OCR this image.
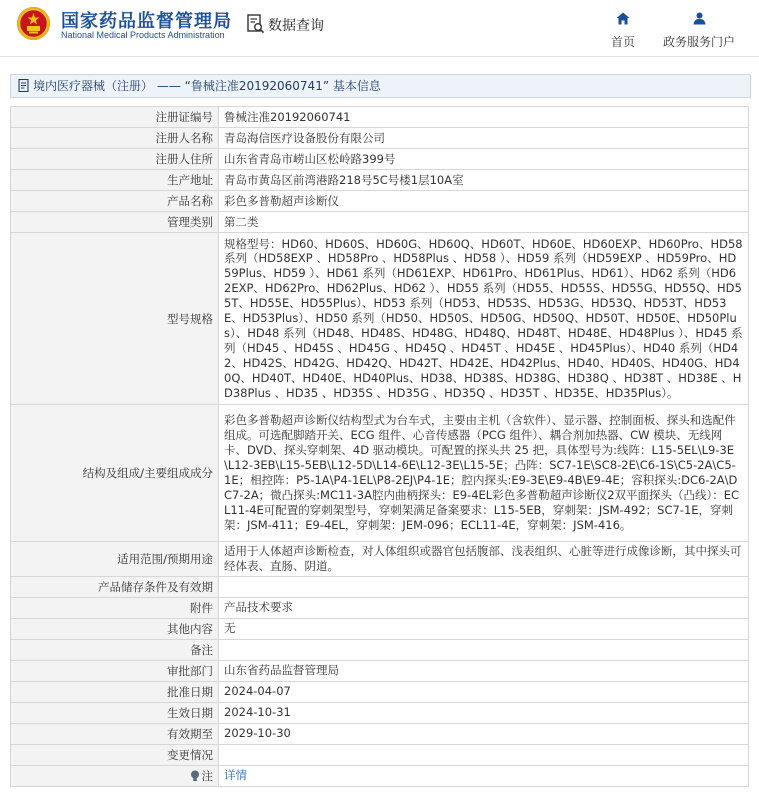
国家药品监督管理局
National Medical Products Administration
数据查询
首页	政务服务门户
境内医疗器械（注册） —— “鲁械注准20192060741” 基本信息
注册证编号	鲁械注准20192060741
注册人名称	青岛海信医疗设备股份有限公司
注册人住所	山东省青岛市崂山区松岭路399号
生产地址	青岛市黄岛区前湾港路218号5C号楼1层10A室
产品名称	彩色多普勒超声诊断仪
管理类别	第二类
型号规格	规格型号：HD60、HD60S、HD60G、HD60Q、HD60T、HD60E、HD60EXP、HD60Pro、HD58 系列（HD58EXP 、HD58Pro 、HD58Plus 、HD58 ）、HD59 系列（HD59EXP 、HD59Pro、HD59Plus、HD59 ）、HD61 系列（HD61EXP、HD61Pro、HD61Plus、HD61）、HD62 系列（HD62EXP、HD62Pro、HD62Plus、HD62 ）、HD55 系列（HD55、HD55S、HD55G、HD55Q、HD55T、HD55E、HD55Plus）、HD53 系列（HD53、HD53S、HD53G、HD53Q、HD53T、HD53E、HD53Plus）、HD50 系列（HD50、HD50S、HD50G、HD50Q、HD50T、HD50E、HD50Plus）、HD48 系列（HD48、HD48S、HD48G、HD48Q、HD48T、HD48E、HD48Plus ）、HD45 系列（HD45 、HD45S 、HD45G 、HD45Q 、HD45T 、HD45E 、HD45Plus）、HD40 系列（HD42、HD42S、HD42G、HD42Q、HD42T、HD42E、HD42Plus、HD40、HD40S、HD40G、HD40Q、HD40T、HD40E、HD40Plus、HD38、HD38S、HD38G、HD38Q 、HD38T 、HD38E 、HD38Plus 、HD35 、HD35S 、HD35G 、HD35Q 、HD35T 、HD35E、HD35Plus）。
结构及组成/主要组成成分	彩色多普勒超声诊断仪结构型式为台车式，主要由主机（含软件）、显示器、控制面板、探头和选配件组成。可选配脚踏开关、ECG 组件、心音传感器（PCG 组件）、耦合剂加热器、CW 模块、无线网卡、DVD、探头穿刺架、4D 驱动模块。可配置的探头共 25 把，具体型号为:线阵：L15-5EL\L9-3E\L12-3EB\L15-5EB\L12-5D\L14-6E\L12-3E\L15-5E；凸阵：SC7-1E\SC8-2E\C6-1S\C5-2A\C5-1E；相控阵：P5-1A\P4-1EL\P8-2EJ\P4-1E；腔内探头:E9-3E\E9-4B\E9-4E；容积探头:DC6-2A\DC7-2A；微凸探头:MC11-3A腔内曲柄探头：E9-4EL彩色多普勒超声诊断仪2双平面探头（凸线）：ECL11-4E可配置的穿刺架型号，穿刺架满足备案要求：L15-5EB，穿刺架：JSM-492；SC7-1E，穿刺架：JSM-411；E9-4EL，穿刺架：JEM-096；ECL11-4E，穿刺架：JSM-416。
适用范围/预期用途	适用于人体超声诊断检查，对人体组织或器官包括腹部、浅表组织、心脏等进行成像诊断，其中探头可经体表、直肠、阴道。
产品储存条件及有效期	
附件	产品技术要求
其他内容	无
备注	
审批部门	山东省药品监督管理局
批准日期	2024-04-07
生效日期	2024-10-31
有效期至	2029-10-30
变更情况	
注	详情
